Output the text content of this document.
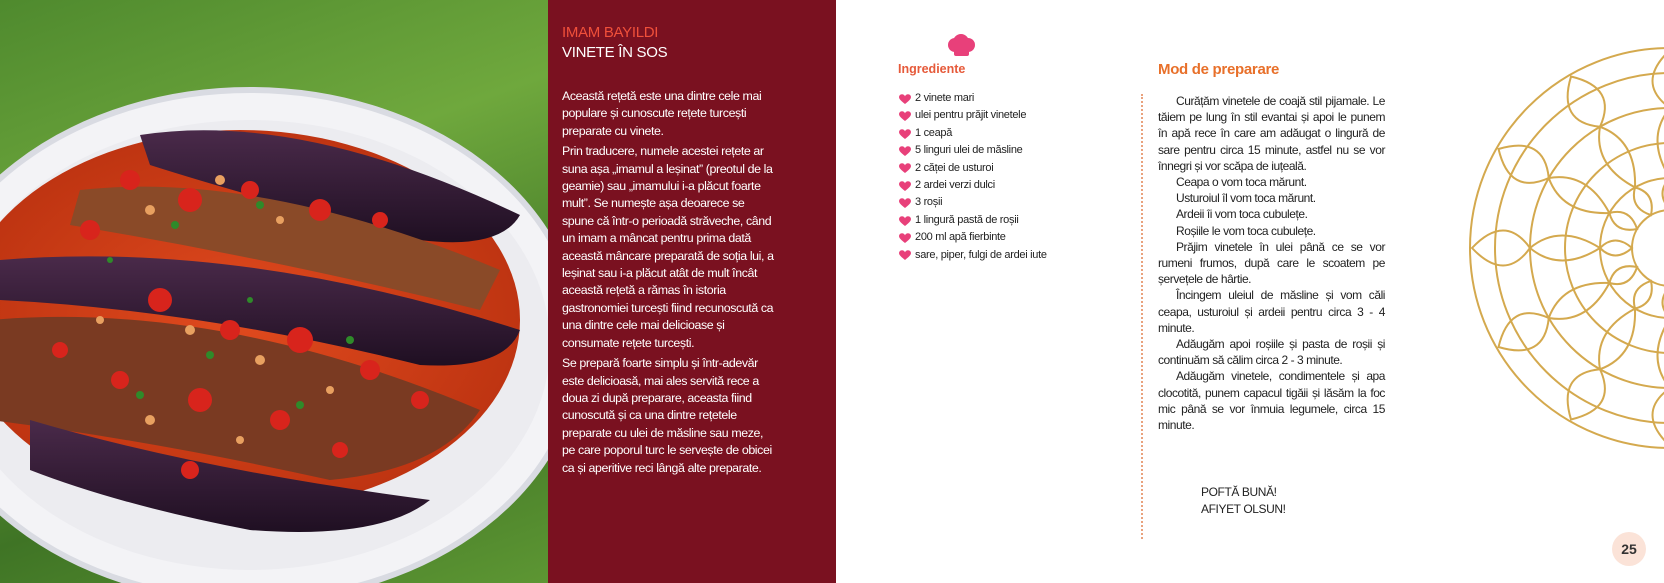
IMAM BAYILDI
VINETE ÎN SOS

Această rețetă este una dintre cele mai populare și cunoscute rețete turcești preparate cu vinete.

Prin traducere, numele acestei rețete ar suna așa „imamul a leșinat” (preotul de la geamie) sau „imamului i-a plăcut foarte mult”. Se numește așa deoarece se spune că într-o perioadă străveche, când un imam a mâncat pentru prima dată această mâncare preparată de soția lui, a leșinat sau i-a plăcut atât de mult încât această rețetă a rămas în istoria gastronomiei turcești fiind recunoscută ca una dintre cele mai delicioase și consumate rețete turcești.

Se prepară foarte simplu și într-adevăr este delicioasă, mai ales servită rece a doua zi după preparare, aceasta fiind cunoscută și ca una dintre rețetele preparate cu ulei de măsline sau meze, pe care poporul turc le servește de obicei ca și aperitive reci lângă alte preparate.

Ingrediente
2 vinete mari
ulei pentru prăjit vinetele
1 ceapă
5 linguri ulei de măsline
2 căței de usturoi
2 ardei verzi dulci
3 roșii
1 lingură pastă de roșii
200 ml apă fierbinte
sare, piper, fulgi de ardei iute
Mod de preparare

Curățăm vinetele de coajă stil pijamale. Le tăiem pe lung în stil evantai și apoi le punem în apă rece în care am adăugat o lingură de sare pentru circa 15 minute, astfel nu se vor înnegri și vor scăpa de iuțeală.

Ceapa o vom toca mărunt.

Usturoiul îl vom toca mărunt.

Ardeii îi vom toca cubulețe.

Roșiile le vom toca cubulețe.

Prăjim vinetele în ulei până ce se vor rumeni frumos, după care le scoatem pe șervețele de hârtie.

Încingem uleiul de măsline și vom căli ceapa, usturoiul și ardeii pentru circa 3 - 4 minute.

Adăugăm apoi roșiile și pasta de roșii și continuăm să călim circa 2 - 3 minute.

Adăugăm vinetele, condimentele și apa clocotită, punem capacul tigăii și lăsăm la foc mic până se vor înmuia legumele, circa 15 minute.

POFTĂ BUNĂ!
AFIYET OLSUN!
25
